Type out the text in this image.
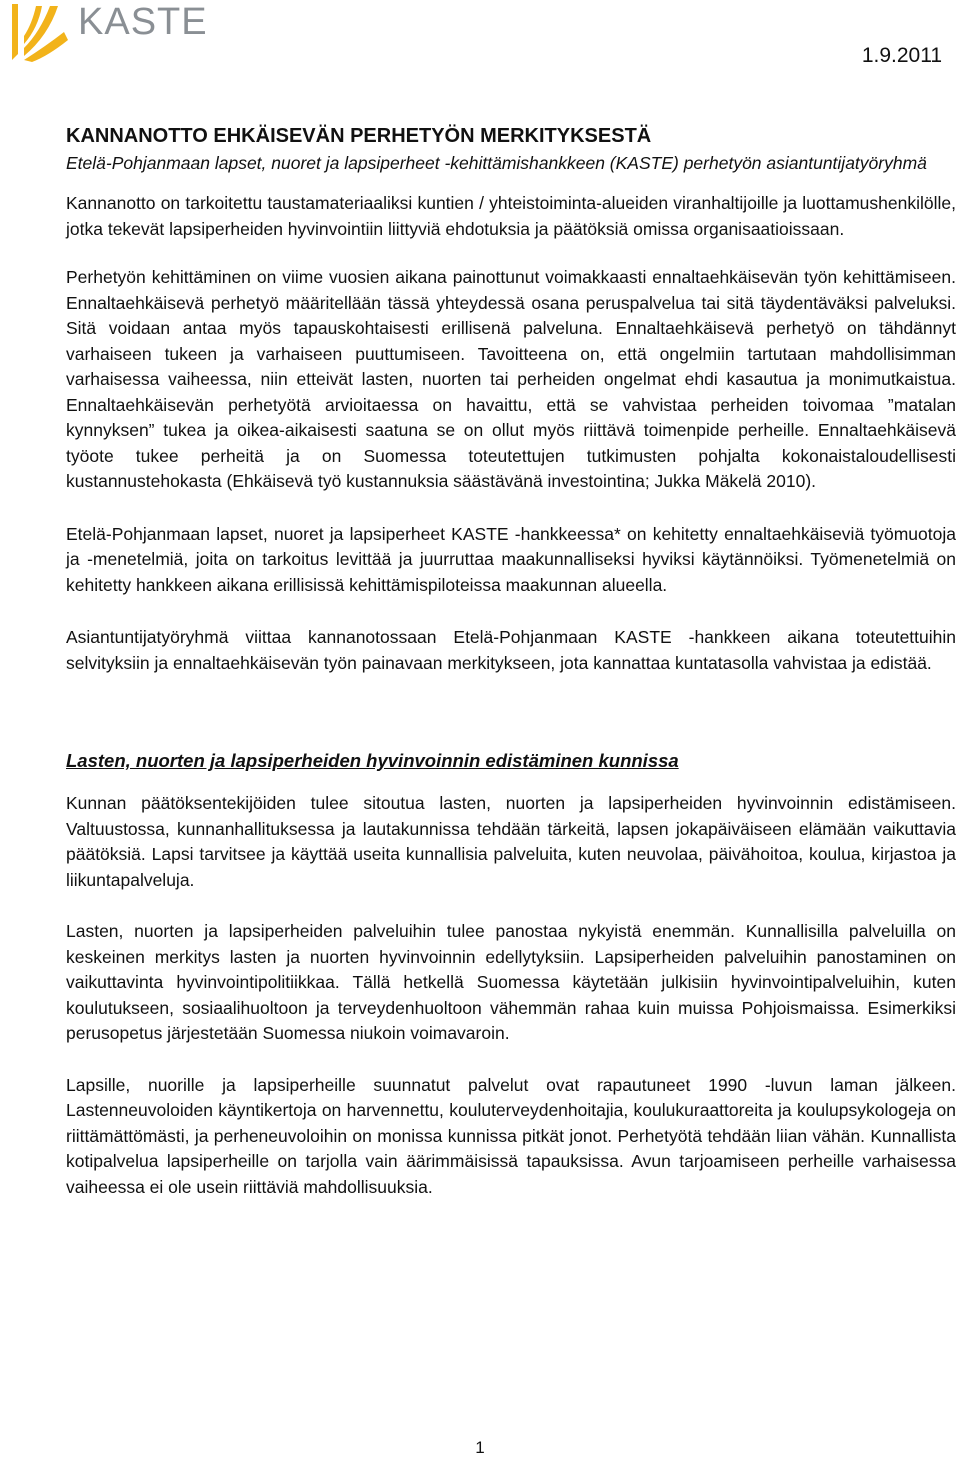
KASTE
1.9.2011
KANNANOTTO EHKÄISEVÄN PERHETYÖN MERKITYKSESTÄ
Etelä-Pohjanmaan lapset, nuoret ja lapsiperheet -kehittämishankkeen (KASTE) perhetyön asiantuntijatyöryhmä

Kannanotto on tarkoitettu taustamateriaaliksi kuntien / yhteistoiminta-alueiden viranhaltijoille ja luottamushenkilölle, jotka tekevät lapsiperheiden hyvinvointiin liittyviä ehdotuksia ja päätöksiä omissa organisaatioissaan.

Perhetyön kehittäminen on viime vuosien aikana painottunut voimakkaasti ennaltaehkäisevän työn kehittämiseen. Ennaltaehkäisevä perhetyö määritellään tässä yhteydessä osana peruspalvelua tai sitä täydentäväksi palveluksi. Sitä voidaan antaa myös tapauskohtaisesti erillisenä palveluna. Ennaltaehkäisevä perhetyö on tähdännyt varhaiseen tukeen ja varhaiseen puuttumiseen. Tavoitteena on, että ongelmiin tartutaan mahdollisimman varhaisessa vaiheessa, niin etteivät lasten, nuorten tai perheiden ongelmat ehdi kasautua ja monimutkaistua. Ennaltaehkäisevän perhetyötä arvioitaessa on havaittu, että se vahvistaa perheiden toivomaa ”matalan kynnyksen” tukea ja oikea-aikaisesti saatuna se on ollut myös riittävä toimenpide perheille. Ennaltaehkäisevä työote tukee perheitä ja on Suomessa toteutettujen tutkimusten pohjalta kokonaistaloudellisesti kustannustehokasta (Ehkäisevä työ kustannuksia säästävänä investointina; Jukka Mäkelä 2010).

Etelä-Pohjanmaan lapset, nuoret ja lapsiperheet KASTE -hankkeessa* on kehitetty ennaltaehkäiseviä työmuotoja ja -menetelmiä, joita on tarkoitus levittää ja juurruttaa maakunnalliseksi hyviksi käytännöiksi. Työmenetelmiä on kehitetty hankkeen aikana erillisissä kehittämispiloteissa maakunnan alueella.

Asiantuntijatyöryhmä viittaa kannanotossaan Etelä-Pohjanmaan KASTE -hankkeen aikana toteutettuihin selvityksiin ja ennaltaehkäisevän työn painavaan merkitykseen, jota kannattaa kuntatasolla vahvistaa ja edistää.

Lasten, nuorten ja lapsiperheiden hyvinvoinnin edistäminen kunnissa

Kunnan päätöksentekijöiden tulee sitoutua lasten, nuorten ja lapsiperheiden hyvinvoinnin edistämiseen. Valtuustossa, kunnanhallituksessa ja lautakunnissa tehdään tärkeitä, lapsen jokapäiväiseen elämään vaikuttavia päätöksiä. Lapsi tarvitsee ja käyttää useita kunnallisia palveluita, kuten neuvolaa, päivähoitoa, koulua, kirjastoa ja liikuntapalveluja.

Lasten, nuorten ja lapsiperheiden palveluihin tulee panostaa nykyistä enemmän. Kunnallisilla palveluilla on keskeinen merkitys lasten ja nuorten hyvinvoinnin edellytyksiin. Lapsiperheiden palveluihin panostaminen on vaikuttavinta hyvinvointipolitiikkaa. Tällä hetkellä Suomessa käytetään julkisiin hyvinvointipalveluihin, kuten koulutukseen, sosiaalihuoltoon ja terveydenhuoltoon vähemmän rahaa kuin muissa Pohjoismaissa. Esimerkiksi perusopetus järjestetään Suomessa niukoin voimavaroin.

Lapsille, nuorille ja lapsiperheille suunnatut palvelut ovat rapautuneet 1990 -luvun laman jälkeen. Lastenneuvoloiden käyntikertoja on harvennettu, kouluterveydenhoitajia, koulukuraattoreita ja koulupsykologeja on riittämättömästi, ja perheneuvoloihin on monissa kunnissa pitkät jonot. Perhetyötä tehdään liian vähän. Kunnallista kotipalvelua lapsiperheille on tarjolla vain äärimmäisissä tapauksissa. Avun tarjoamiseen perheille varhaisessa vaiheessa ei ole usein riittäviä mahdollisuuksia.

1
